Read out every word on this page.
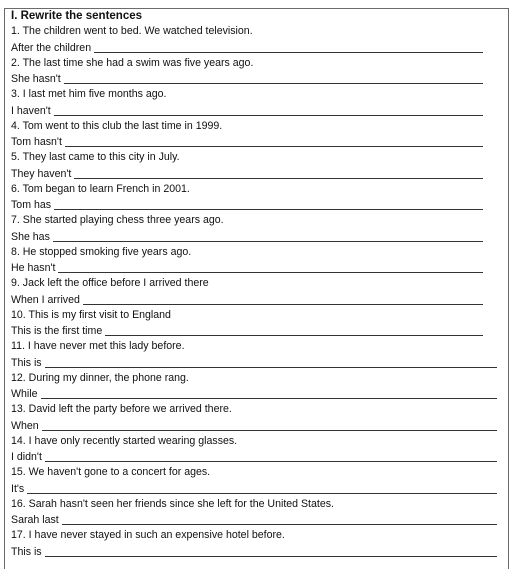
I. Rewrite the sentences
1. The children went to bed. We watched television.
After the children
2. The last time she had a swim was five years ago.
She hasn't
3. I last met him five months ago.
I haven't
4. Tom went to this club the last time in 1999.
Tom hasn't
5. They last came to this city in July.
They haven't
6. Tom began to learn French in 2001.
Tom has
7. She started playing chess three years ago.
She has
8. He stopped smoking five years ago.
He hasn't
9. Jack left the office before I arrived there
When I arrived
10. This is my first visit to England
This is the first time
11. I have never met this lady before.
This is
12. During my dinner, the phone rang.
While
13. David left the party before we arrived there.
When
14. I have only recently started wearing glasses.
I didn't
15. We haven't gone to a concert for ages.
It's
16. Sarah hasn't seen her friends since she left for the United States.
Sarah last
17. I have never stayed in such an expensive hotel before.
This is
